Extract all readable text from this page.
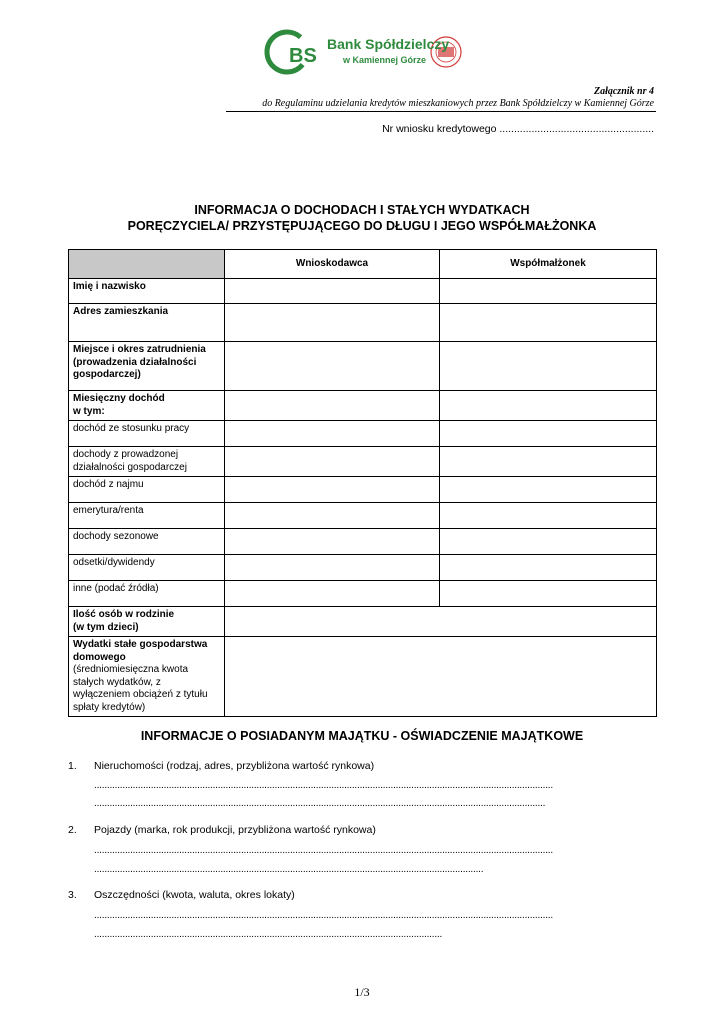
BS
Bank Spółdzielczy
w Kamiennej Górze
Załącznik nr 4
do Regulaminu udzielania kredytów mieszkaniowych przez Bank Spółdzielczy w Kamiennej Górze
Nr wniosku kredytowego .....................................................
INFORMACJA O DOCHODACH I STAŁYCH WYDATKACH
PORĘCZYCIELA/ PRZYSTĘPUJĄCEGO DO DŁUGU I JEGO WSPÓŁMAŁŻONKA
	Wnioskodawca	Współmałżonek
Imię i nazwisko		
Adres zamieszkania		
Miejsce i okres zatrudnienia (prowadzenia działalności gospodarczej)		

Miesięczny dochód
w tym:		

dochód ze stosunku pracy		
dochody z prowadzonej działalności gospodarczej		
dochód z najmu		
emerytura/renta		
dochody sezonowe		
odsetki/dywidendy		
inne (podać źródła)		

Ilość osób w rodzinie
(w tym dzieci)		

Wydatki stałe gospodarstwa domowego
(średniomiesięczna kwota stałych wydatków, z wyłączeniem obciążeń z tytułu spłaty kredytów)		

INFORMACJE O POSIADANYM MAJĄTKU - OŚWIADCZENIE MAJĄTKOWE
1. Nieruchomości (rodzaj, adres, przybliżona wartość rynkowa)
..................................................................................................................................................................................
...............................................................................................................................................................................
2. Pojazdy (marka, rok produkcji, przybliżona wartość rynkowa)
..................................................................................................................................................................................
.......................................................................................................................................................
3. Oszczędności (kwota, waluta, okres lokaty)
..................................................................................................................................................................................
.......................................................................................................................................
1/3
